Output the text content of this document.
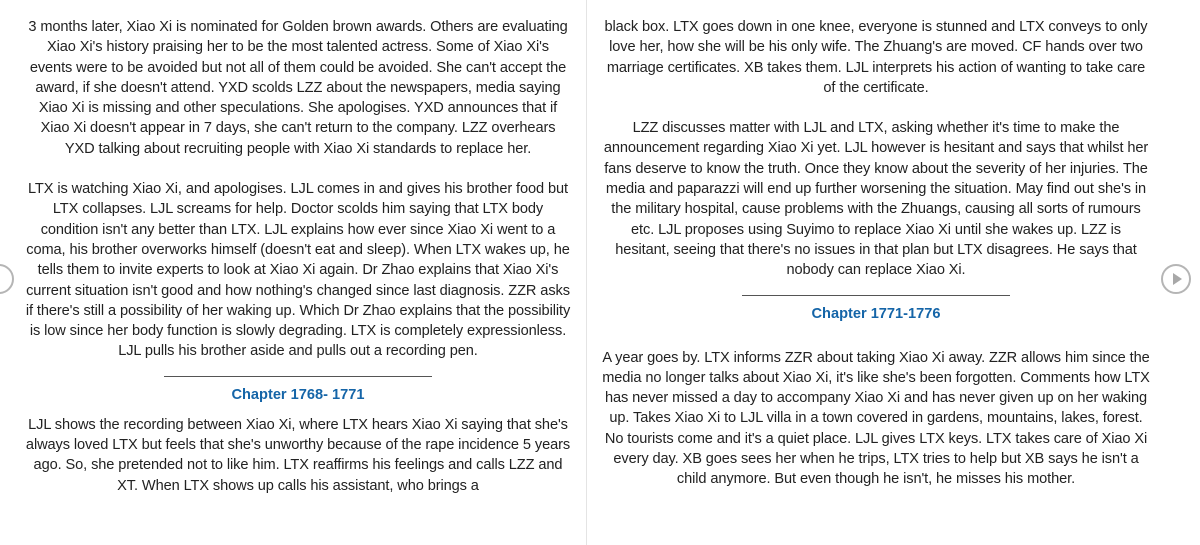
3 months later, Xiao Xi is nominated for Golden brown awards. Others are evaluating Xiao Xi's history praising her to be the most talented actress. Some of Xiao Xi's events were to be avoided but not all of them could be avoided. She can't accept the award, if she doesn't attend. YXD scolds LZZ about the newspapers, media saying Xiao Xi is missing and other speculations. She apologises. YXD announces that if Xiao Xi doesn't appear in 7 days, she can't return to the company. LZZ overhears YXD talking about recruiting people with Xiao Xi standards to replace her.

LTX is watching Xiao Xi, and apologises. LJL comes in and gives his brother food but LTX collapses. LJL screams for help. Doctor scolds him saying that LTX body condition isn't any better than LTX. LJL explains how ever since Xiao Xi went to a coma, his brother overworks himself (doesn't eat and sleep). When LTX wakes up, he tells them to invite experts to look at Xiao Xi again. Dr Zhao explains that Xiao Xi's current situation isn't good and how nothing's changed since last diagnosis. ZZR asks if there's still a possibility of her waking up. Which Dr Zhao explains that the possibility is low since her body function is slowly degrading. LTX is completely expressionless. LJL pulls his brother aside and pulls out a recording pen.

Chapter 1768- 1771

LJL shows the recording between Xiao Xi, where LTX hears Xiao Xi saying that she's always loved LTX but feels that she's unworthy because of the rape incidence 5 years ago. So, she pretended not to like him. LTX reaffirms his feelings and calls LZZ and XT. When LTX shows up calls his assistant, who brings a

black box. LTX goes down in one knee, everyone is stunned and LTX conveys to only love her, how she will be his only wife. The Zhuang's are moved. CF hands over two marriage certificates. XB takes them. LJL interprets his action of wanting to take care of the certificate.

LZZ discusses matter with LJL and LTX, asking whether it's time to make the announcement regarding Xiao Xi yet. LJL however is hesitant and says that whilst her fans deserve to know the truth. Once they know about the severity of her injuries. The media and paparazzi will end up further worsening the situation. May find out she's in the military hospital, cause problems with the Zhuangs, causing all sorts of rumours etc. LJL proposes using Suyimo to replace Xiao Xi until she wakes up. LZZ is hesitant, seeing that there's no issues in that plan but LTX disagrees. He says that nobody can replace Xiao Xi.

Chapter 1771-1776

A year goes by. LTX informs ZZR about taking Xiao Xi away. ZZR allows him since the media no longer talks about Xiao Xi, it's like she's been forgotten. Comments how LTX has never missed a day to accompany Xiao Xi and has never given up on her waking up. Takes Xiao Xi to LJL villa in a town covered in gardens, mountains, lakes, forest. No tourists come and it's a quiet place. LJL gives LTX keys. LTX takes care of Xiao Xi every day. XB goes sees her when he trips, LTX tries to help but XB says he isn't a child anymore. But even though he isn't, he misses his mother.
